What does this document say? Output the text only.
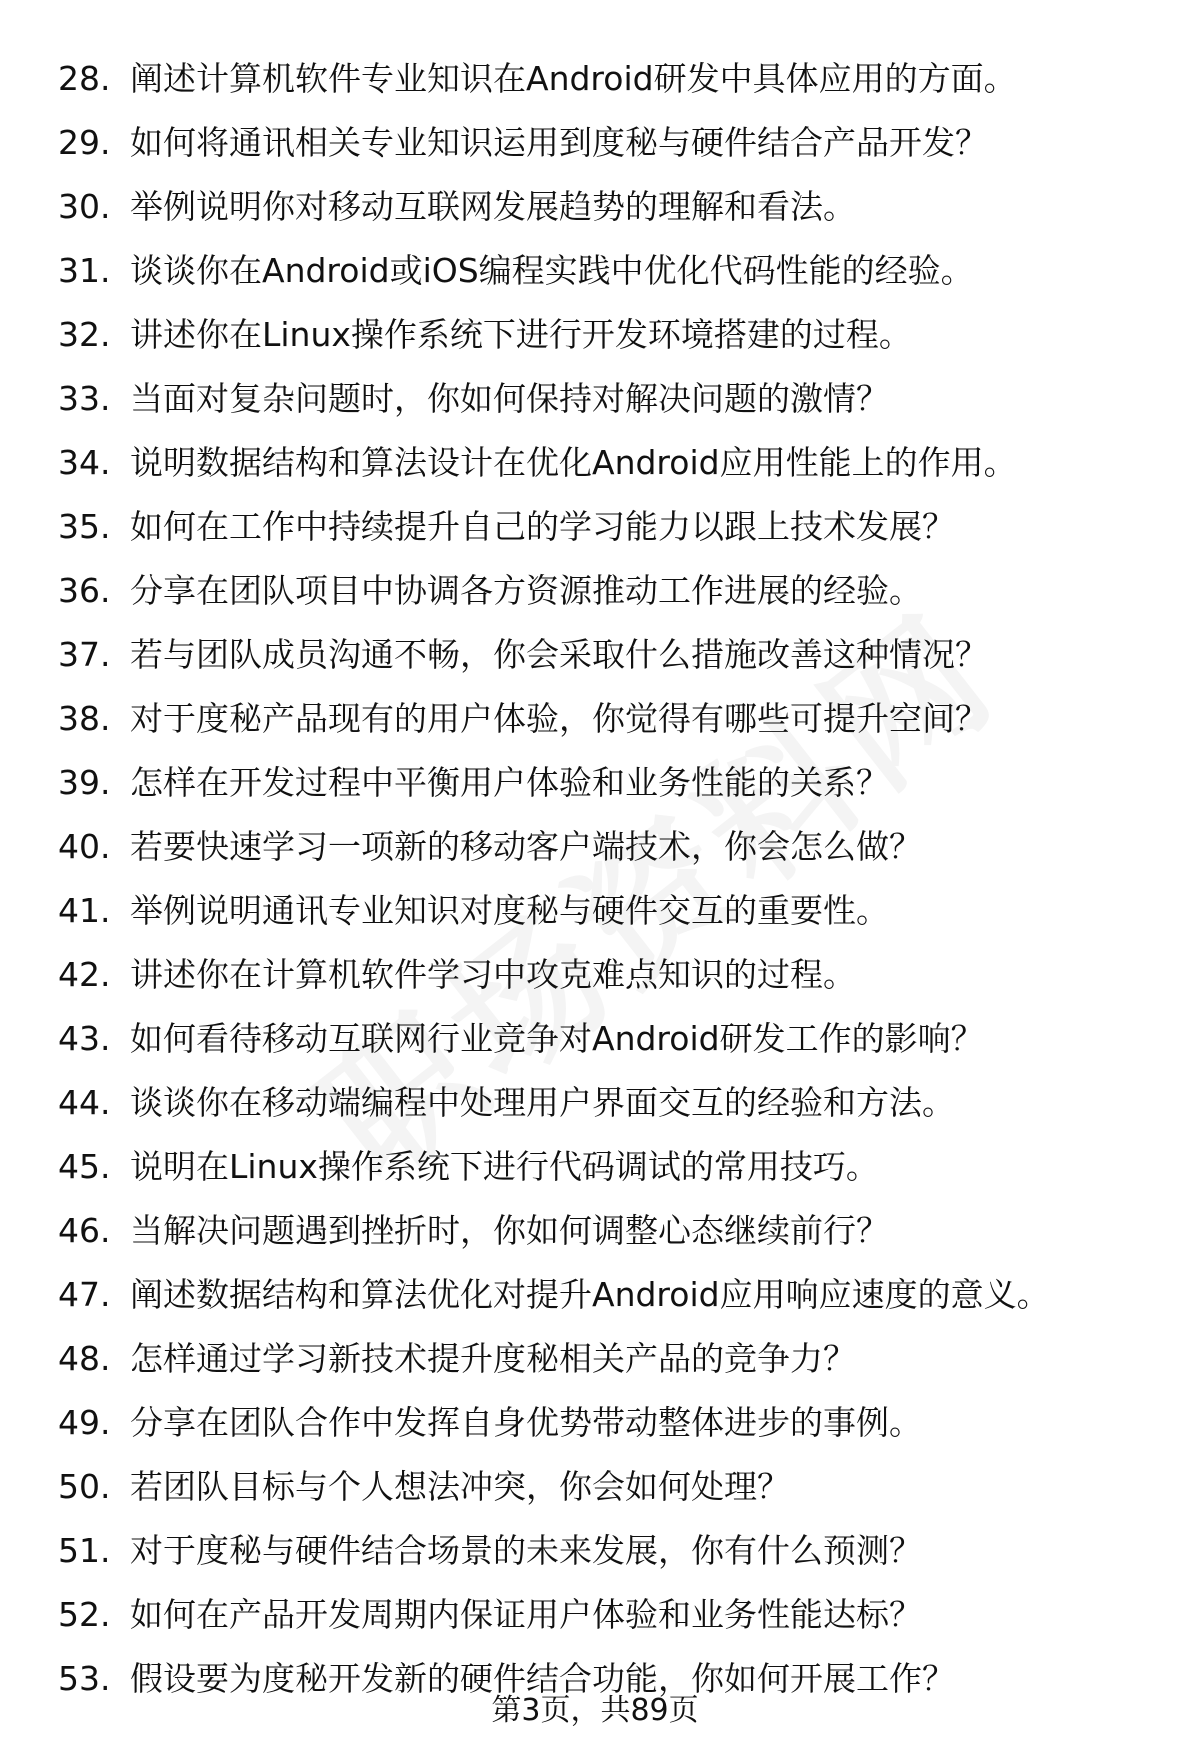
28. 阐述计算机软件专业知识在Android研发中具体应用的方面。
29. 如何将通讯相关专业知识运用到度秘与硬件结合产品开发？
30. 举例说明你对移动互联网发展趋势的理解和看法。
31. 谈谈你在Android或iOS编程实践中优化代码性能的经验。
32. 讲述你在Linux操作系统下进行开发环境搭建的过程。
33. 当面对复杂问题时，你如何保持对解决问题的激情？
34. 说明数据结构和算法设计在优化Android应用性能上的作用。
35. 如何在工作中持续提升自己的学习能力以跟上技术发展？
36. 分享在团队项目中协调各方资源推动工作进展的经验。
37. 若与团队成员沟通不畅，你会采取什么措施改善这种情况？
38. 对于度秘产品现有的用户体验，你觉得有哪些可提升空间？
39. 怎样在开发过程中平衡用户体验和业务性能的关系？
40. 若要快速学习一项新的移动客户端技术，你会怎么做？
41. 举例说明通讯专业知识对度秘与硬件交互的重要性。
42. 讲述你在计算机软件学习中攻克难点知识的过程。
43. 如何看待移动互联网行业竞争对Android研发工作的影响？
44. 谈谈你在移动端编程中处理用户界面交互的经验和方法。
45. 说明在Linux操作系统下进行代码调试的常用技巧。
46. 当解决问题遇到挫折时，你如何调整心态继续前行？
47. 阐述数据结构和算法优化对提升Android应用响应速度的意义。
48. 怎样通过学习新技术提升度秘相关产品的竞争力？
49. 分享在团队合作中发挥自身优势带动整体进步的事例。
50. 若团队目标与个人想法冲突，你会如何处理？
51. 对于度秘与硬件结合场景的未来发展，你有什么预测？
52. 如何在产品开发周期内保证用户体验和业务性能达标？
53. 假设要为度秘开发新的硬件结合功能，你如何开展工作？
第3页，共89页
